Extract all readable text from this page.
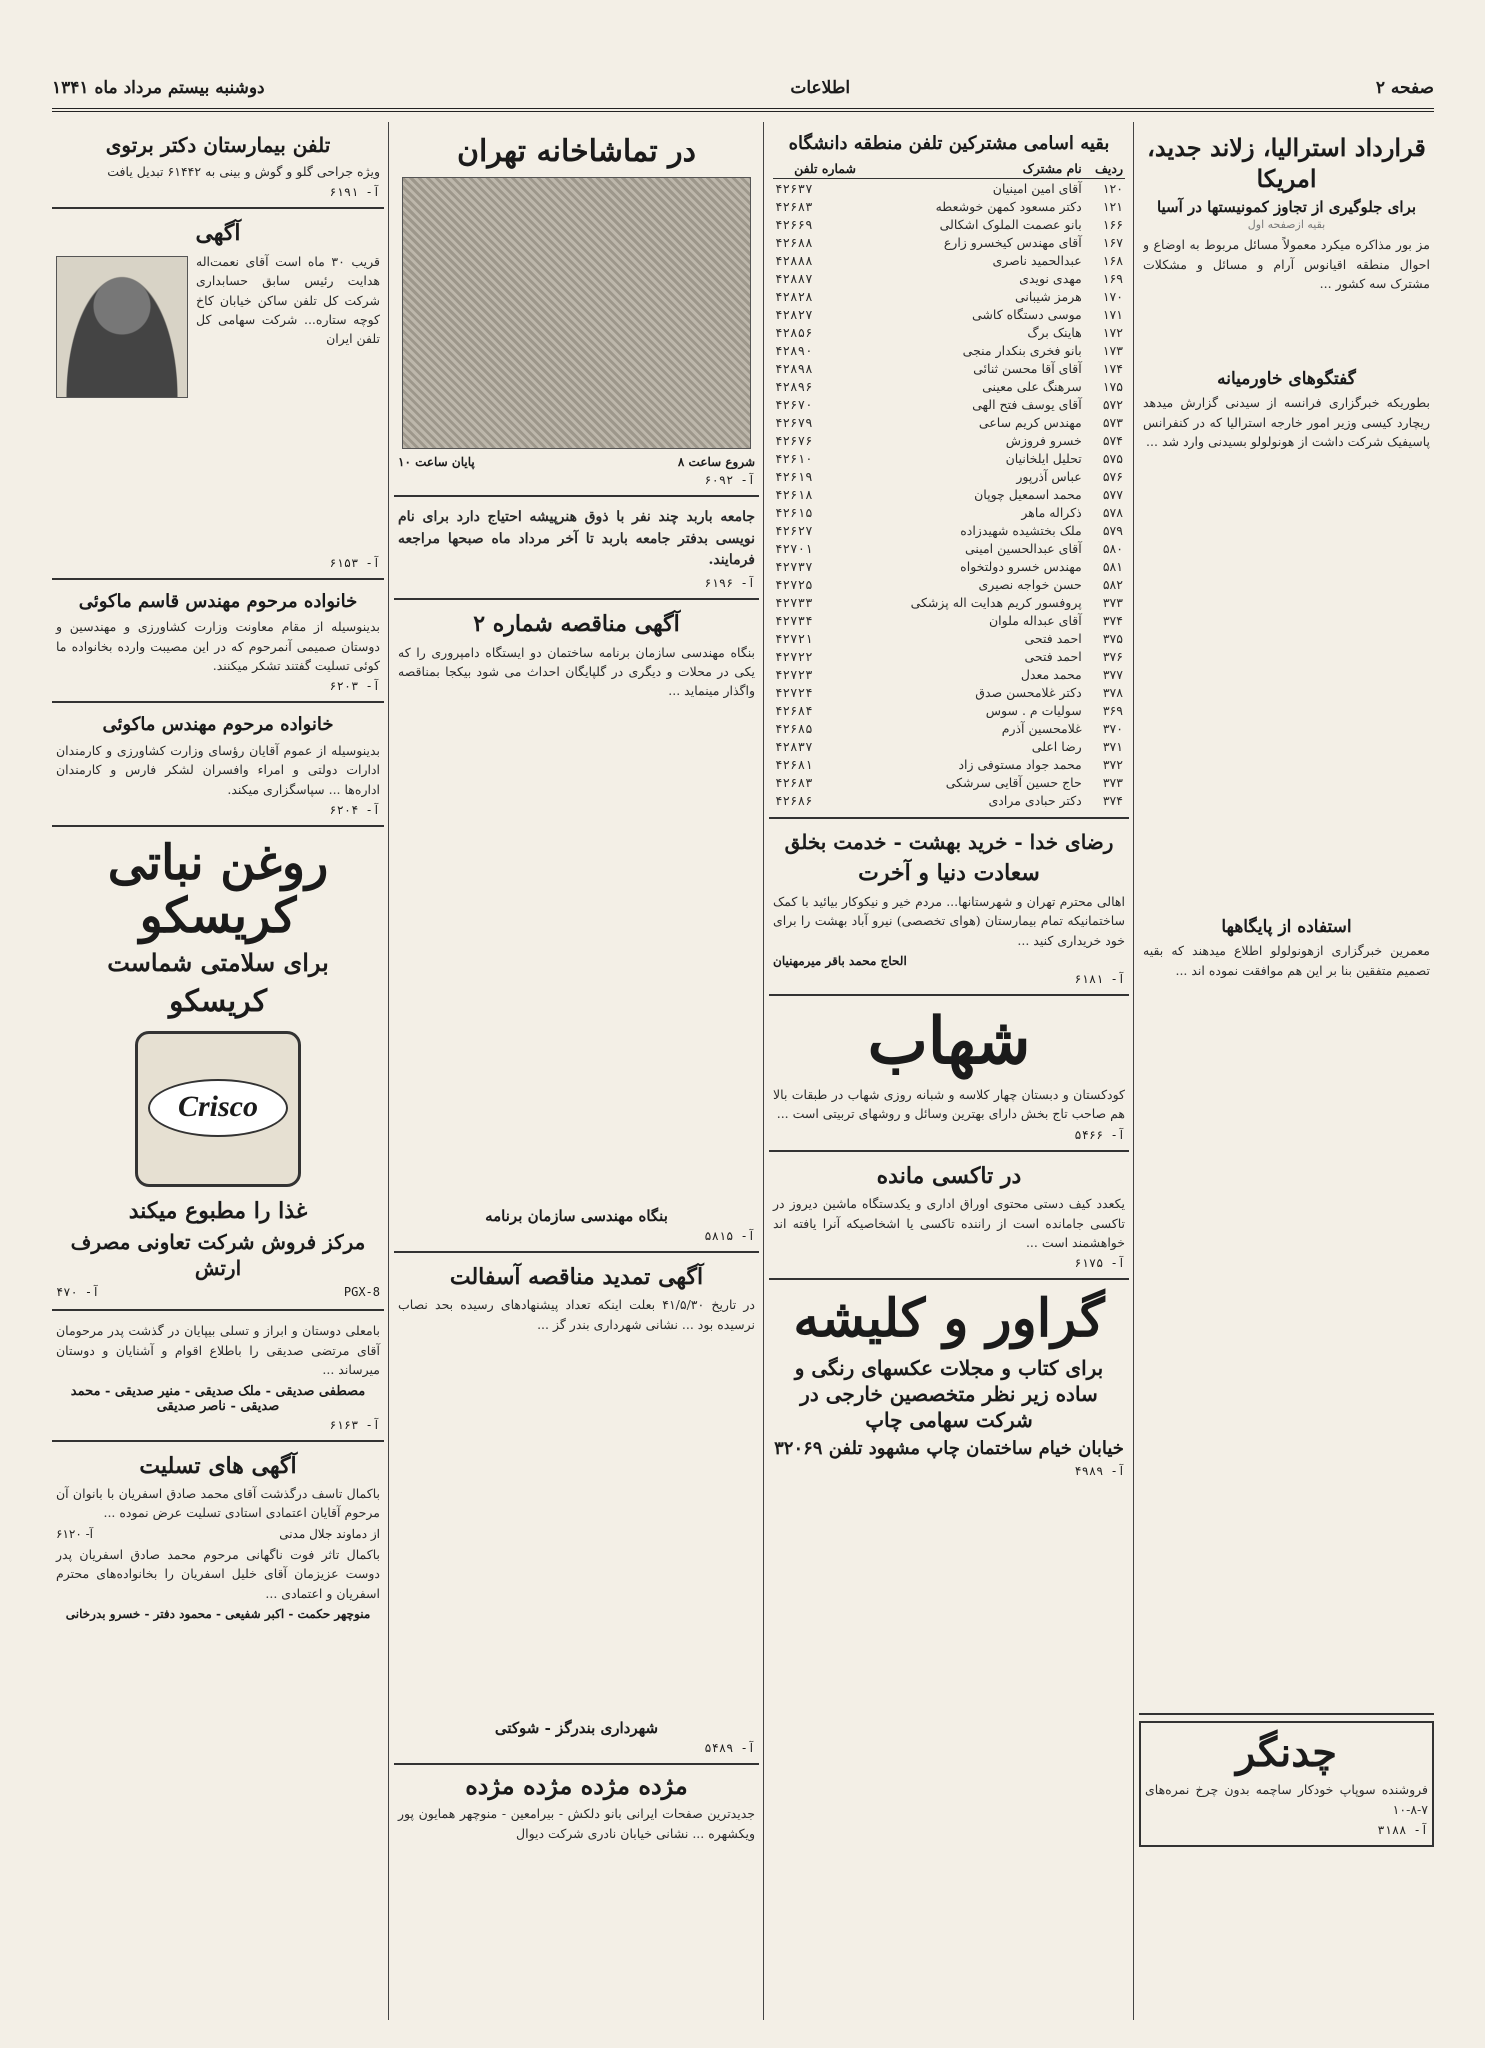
صفحه ۲
اطلاعات
دوشنبه بیستم مرداد ماه ۱۳۴۱
قرارداد استرالیا، زلاند جدید، امریکا
برای جلوگیری از تجاوز کمونیستها در آسیا
بقیه ازصفحه اول

مز بور مذاکره میکرد معمولاً مسائل مربوط به اوضاع و احوال منطقه اقیانوس آرام و مسائل و مشکلات مشترک سه کشور ...

گفتگوهای خاورمیانه

بطوریکه خبرگزاری فرانسه از سیدنی گزارش میدهد ریچارد کیسی وزیر امور خارجه استرالیا که در کنفرانس پاسیفیک شرکت داشت از هونولولو بسیدنی وارد شد ...

استفاده از پایگاهها

معمرین خبرگزاری ازهونولولو اطلاع میدهند که بقیه تصمیم متفقین بنا بر این هم موافقت نموده اند ...

چدنگر

فروشنده سوپاپ خودکار ساچمه بدون چرخ نمره‌های ۷-۸-۱۰

آ- ۳۱۸۸
بقیه اسامی مشترکین تلفن منطقه دانشگاه
ردیف	نام مشترک	شماره تلفن
۱۲۰	آقای امین امینیان	۴۲۶۳۷
۱۲۱	دکتر مسعود کمهن خوشعطه	۴۲۶۸۳
۱۶۶	بانو عصمت الملوک اشکالی	۴۲۶۶۹
۱۶۷	آقای مهندس کیخسرو زارع	۴۲۶۸۸
۱۶۸	عبدالحمید ناصری	۴۲۸۸۸
۱۶۹	مهدی نویدی	۴۲۸۸۷
۱۷۰	هرمز شیبانی	۴۲۸۲۸
۱۷۱	موسی دستگاه کاشی	۴۲۸۲۷
۱۷۲	هاینک برگ	۴۲۸۵۶
۱۷۳	بانو فخری بنکدار منجی	۴۲۸۹۰
۱۷۴	آقای آقا محسن ثنائی	۴۲۸۹۸
۱۷۵	سرهنگ علی معینی	۴۲۸۹۶
۵۷۲	آقای یوسف فتح الهی	۴۲۶۷۰
۵۷۳	مهندس کریم ساعی	۴۲۶۷۹
۵۷۴	خسرو فروزش	۴۲۶۷۶
۵۷۵	تحلیل ایلخانیان	۴۲۶۱۰
۵۷۶	عباس آذرپور	۴۲۶۱۹
۵۷۷	محمد اسمعیل چوپان	۴۲۶۱۸
۵۷۸	ذکراله ماهر	۴۲۶۱۵
۵۷۹	ملک بختشیده شهیدزاده	۴۲۶۲۷
۵۸۰	آقای عبدالحسین امینی	۴۲۷۰۱
۵۸۱	مهندس خسرو دولتخواه	۴۲۷۳۷
۵۸۲	حسن خواجه نصیری	۴۲۷۲۵
۳۷۳	پروفسور کریم هدایت اله پزشکی	۴۲۷۳۳
۳۷۴	آقای عبداله ملوان	۴۲۷۳۴
۳۷۵	احمد فتحی	۴۲۷۲۱
۳۷۶	احمد فتحی	۴۲۷۲۲
۳۷۷	محمد معدل	۴۲۷۲۳
۳۷۸	دکتر غلامحسن صدق	۴۲۷۲۴
۳۶۹	سولیات م . سوس	۴۲۶۸۴
۳۷۰	غلامحسین آذرم	۴۲۶۸۵
۳۷۱	رضا اعلی	۴۲۸۳۷
۳۷۲	محمد جواد مستوفی زاد	۴۲۶۸۱
۳۷۳	حاج حسین آقایی سرشکی	۴۲۶۸۳
۳۷۴	دکتر حبادی مرادی	۴۲۶۸۶
رضای خدا - خرید بهشت - خدمت بخلق
سعادت دنیا و آخرت

اهالی محترم تهران و شهرستانها... مردم خیر و نیکوکار بیائید با کمک ساختمانیکه تمام بیمارستان (هوای تخصصی) نیرو آباد بهشت را برای خود خریداری کنید ...

الحاج محمد باقر میرمهنیان
آ- ۶۱۸۱
شهاب

کودکستان و دبستان چهار کلاسه و شبانه روزی شهاب در طبقات بالا هم صاحب تاج بخش دارای بهترین وسائل و روشهای تربیتی است ...

آ- ۵۴۶۶
در تاکسی مانده

یکعدد کیف دستی محتوی اوراق اداری و یکدستگاه ماشین دیروز در تاکسی جامانده است از راننده تاکسی یا اشخاصیکه آنرا یافته اند خواهشمند است ...

آ- ۶۱۷۵
گراور و کلیشه
برای کتاب و مجلات عکسهای رنگی و ساده زیر نظر متخصصین خارجی در شرکت سهامی چاپ
خیابان خیام ساختمان چاپ مشهود تلفن ۳۲۰۶۹
آ- ۴۹۸۹
در تماشاخانه تهران
شروع ساعت ۸
پایان ساعت ۱۰
آ- ۶۰۹۲

جامعه باربد چند نفر با ذوق هنرپیشه احتیاج دارد برای نام نویسی بدفتر جامعه باربد تا آخر مرداد ماه صبحها مراجعه فرمایند.

آ- ۶۱۹۶
آگهی مناقصه شماره ۲

بنگاه مهندسی سازمان برنامه ساختمان دو ایستگاه دامپروری را که یکی در محلات و دیگری در گلپایگان احداث می شود بیکجا بمناقصه واگذار مینماید ...

بنگاه مهندسی سازمان برنامه
آ- ۵۸۱۵
آگهی تمدید مناقصه آسفالت

در تاریخ ۴۱/۵/۳۰ بعلت اینکه تعداد پیشنهادهای رسیده بحد نصاب نرسیده بود ... نشانی شهرداری بندر گز ...

شهرداری بندرگز - شوکتی
آ- ۵۴۸۹
مژده مژده مژده مژده

جدیدترین صفحات ایرانی بانو دلکش - بیرامعین - منوچهر همایون پور ویکشهره ... نشانی خیابان نادری شرکت دیوال

تلفن بیمارستان دکتر برتوی

ویژه جراحی گلو و گوش و بینی به ۶۱۴۴۲ تبدیل یافت

آ- ۶۱۹۱
آگهی

قریب ۳۰ ماه است آقای نعمت‌اله هدایت رئیس سابق حسابداری شرکت کل تلفن ساکن خیابان کاخ کوچه ستاره... شرکت سهامی کل تلفن ایران

آ- ۶۱۵۳
خانواده مرحوم مهندس قاسم ماکوئی

بدینوسیله از مقام معاونت وزارت کشاورزی و مهندسین و دوستان صمیمی آنمرحوم که در این مصیبت وارده بخانواده ما کوئی تسلیت گفتند تشکر میکنند.

آ- ۶۲۰۳
خانواده مرحوم مهندس ماکوئی

بدینوسیله از عموم آقایان رؤسای وزارت کشاورزی و کارمندان ادارات دولتی و امراء وافسران لشکر فارس و کارمندان اداره‌ها ... سپاسگزاری میکند.

آ- ۶۲۰۴
روغن نباتی کریسکو
برای سلامتی شماست
کریسکو
Crisco
غذا را مطبوع میکند
مرکز فروش شرکت تعاونی مصرف ارتش
PGX-8
آ- ۴۷۰

بامعلی دوستان و ابراز و تسلی بیپایان در گذشت پدر مرحومان آقای مرتضی صدیقی را باطلاع اقوام و آشنایان و دوستان میرساند ...

مصطفی صدیقی - ملک صدیقی - منیر صدیقی - محمد صدیقی - ناصر صدیقی
آ- ۶۱۶۳
آگهی های تسلیت

باکمال تاسف درگذشت آقای محمد صادق اسفریان با بانوان آن مرحوم آقایان اعتمادی استادی تسلیت عرض نموده ...

از دماوند جلال مدنی
آ- ۶۱۲۰

باکمال تاثر فوت ناگهانی مرحوم محمد صادق اسفریان پدر دوست عزیزمان آقای خلیل اسفریان را بخانواده‌های محترم اسفریان و اعتمادی ...

منوچهر حکمت - اکبر شفیعی - محمود دفتر - خسرو بدرخانی
